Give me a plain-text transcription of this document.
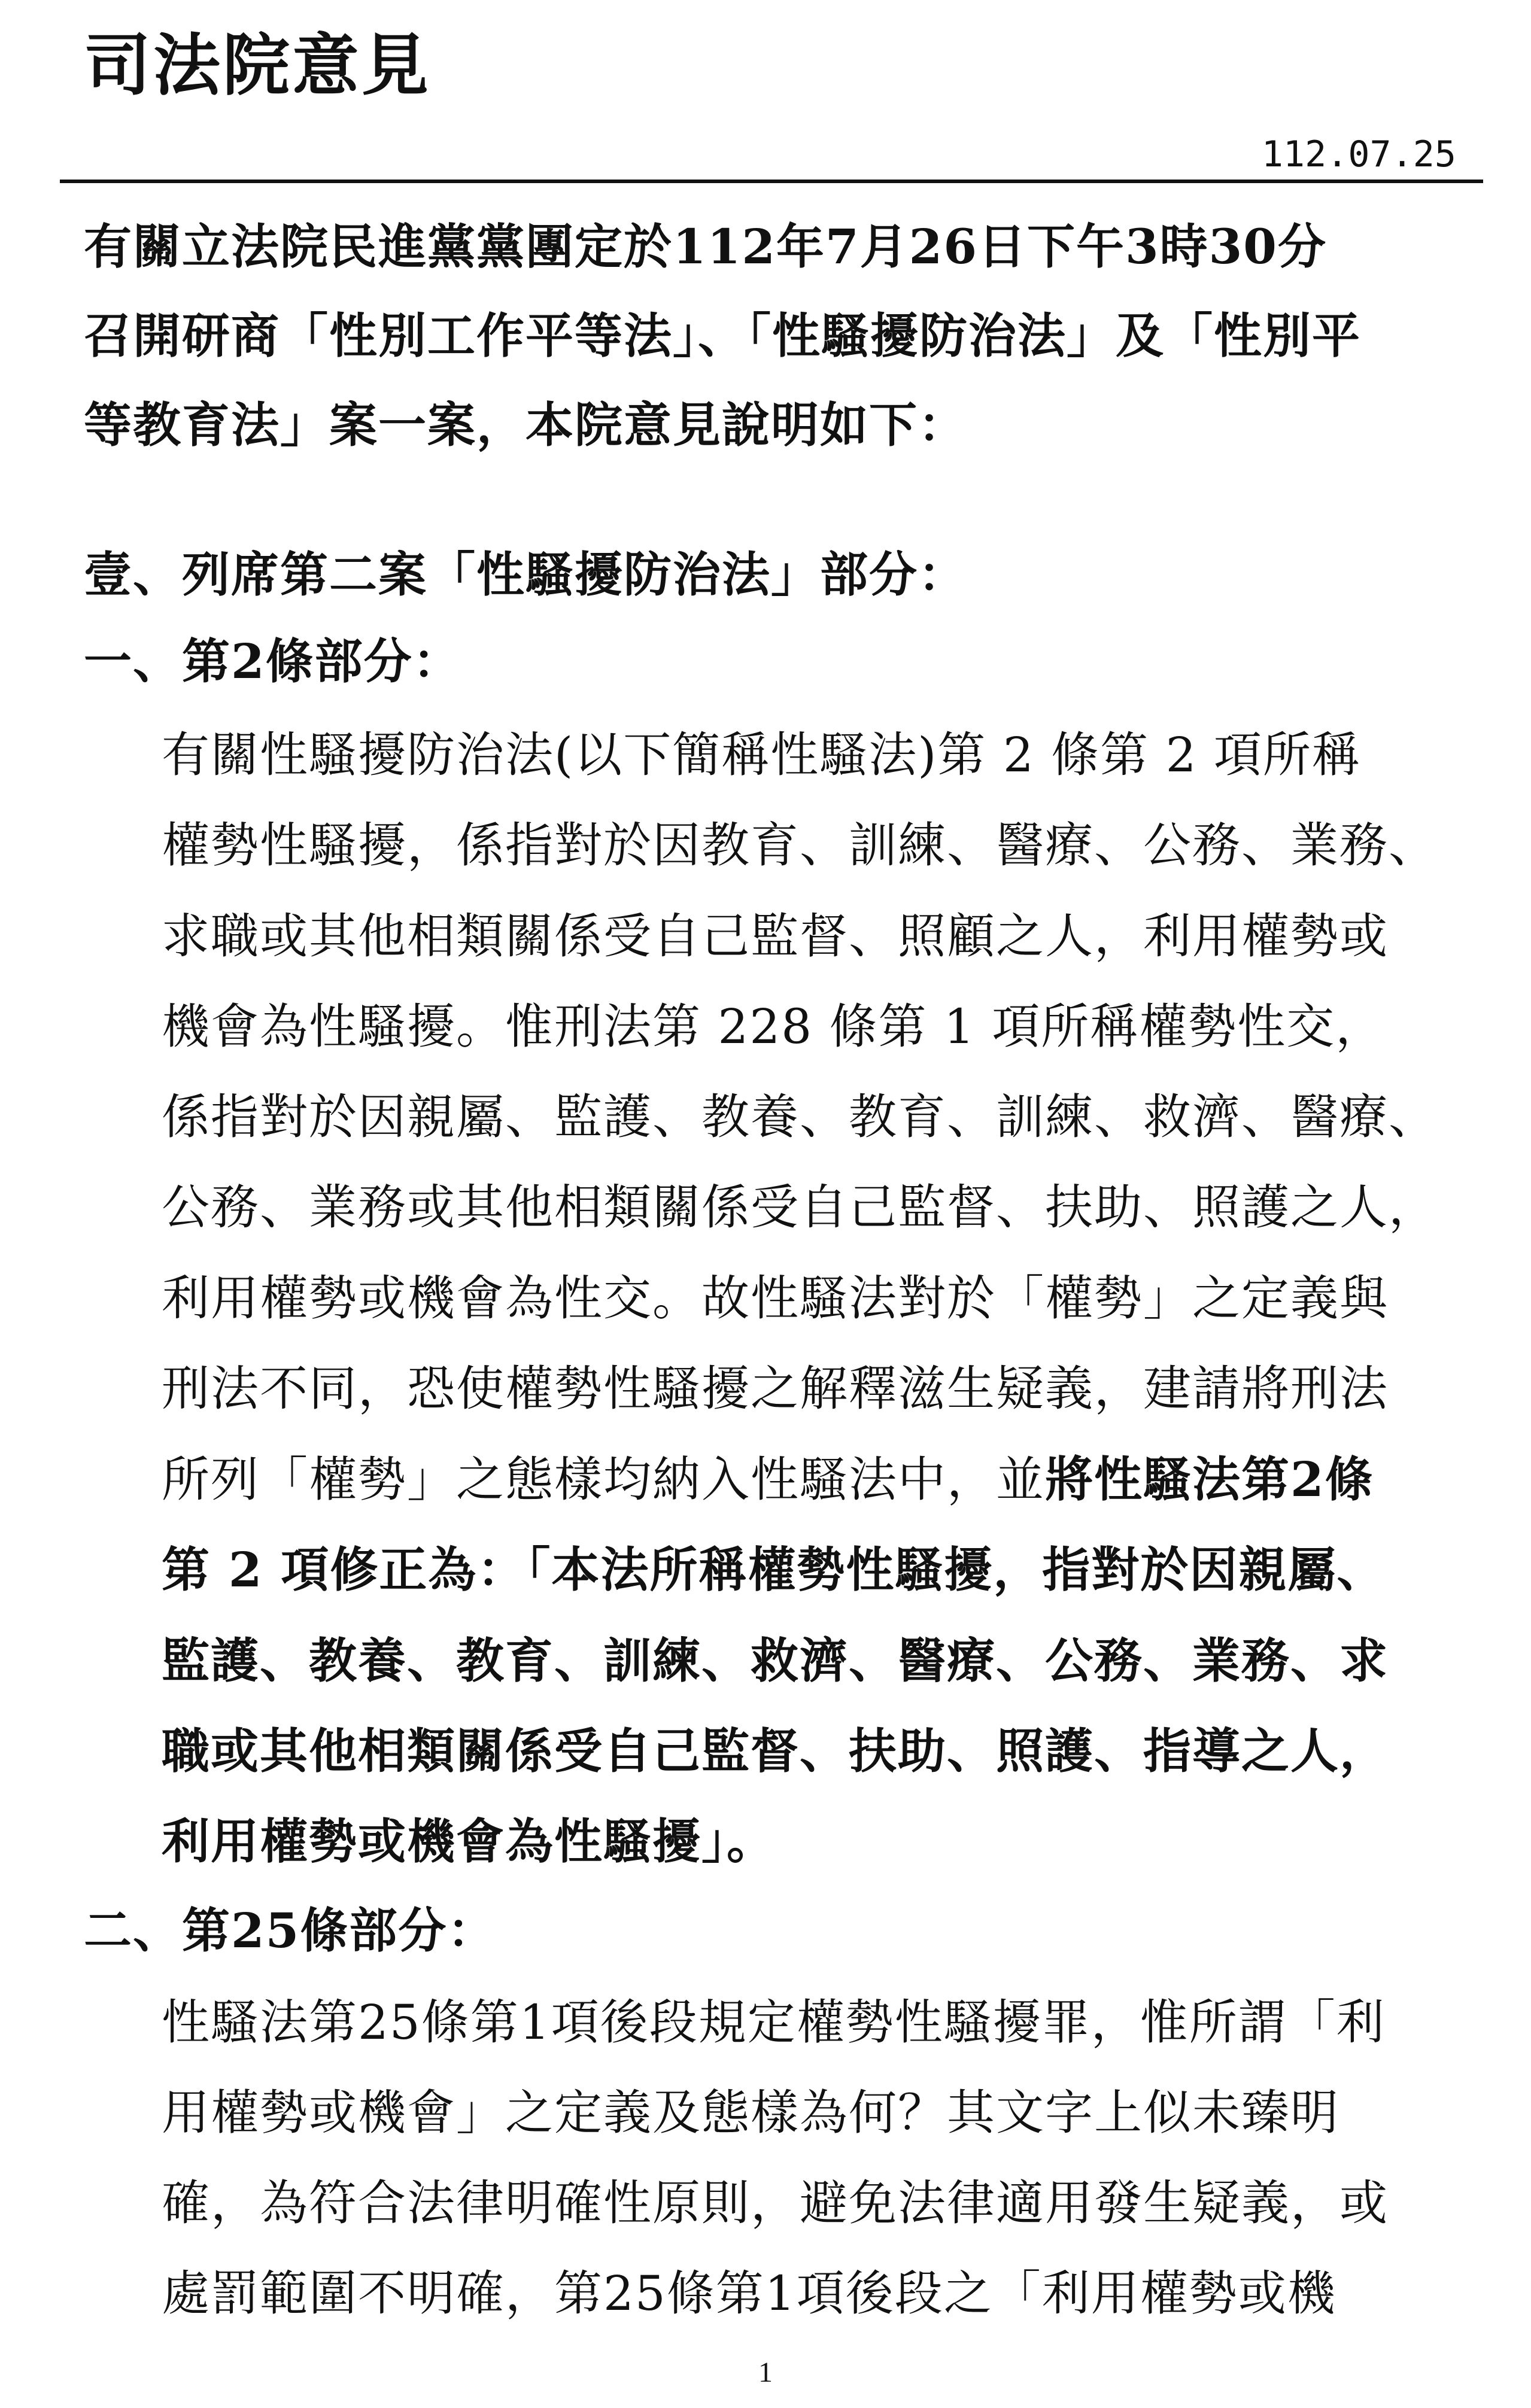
司法院意見
112.07.25
有關立法院民進黨黨團定於112年7月26日下午3時30分
召開研商「性別工作平等法」、「性騷擾防治法」及「性別平
等教育法」案一案，本院意見說明如下：
壹、列席第二案「性騷擾防治法」部分：
一、第2條部分：
有關性騷擾防治法(以下簡稱性騷法)第 2 條第 2 項所稱
權勢性騷擾，係指對於因教育、訓練、醫療、公務、業務、
求職或其他相類關係受自己監督、照顧之人，利用權勢或
機會為性騷擾。惟刑法第 228 條第 1 項所稱權勢性交，
係指對於因親屬、監護、教養、教育、訓練、救濟、醫療、
公務、業務或其他相類關係受自己監督、扶助、照護之人，
利用權勢或機會為性交。故性騷法對於「權勢」之定義與
刑法不同，恐使權勢性騷擾之解釋滋生疑義，建請將刑法
所列「權勢」之態樣均納入性騷法中，並將性騷法第2條
第 2 項修正為：「本法所稱權勢性騷擾，指對於因親屬、
監護、教養、教育、訓練、救濟、醫療、公務、業務、求
職或其他相類關係受自己監督、扶助、照護、指導之人，
利用權勢或機會為性騷擾」。
二、第25條部分：
性騷法第25條第1項後段規定權勢性騷擾罪，惟所謂「利
用權勢或機會」之定義及態樣為何？其文字上似未臻明
確，為符合法律明確性原則，避免法律適用發生疑義，或
處罰範圍不明確，第25條第1項後段之「利用權勢或機
1
